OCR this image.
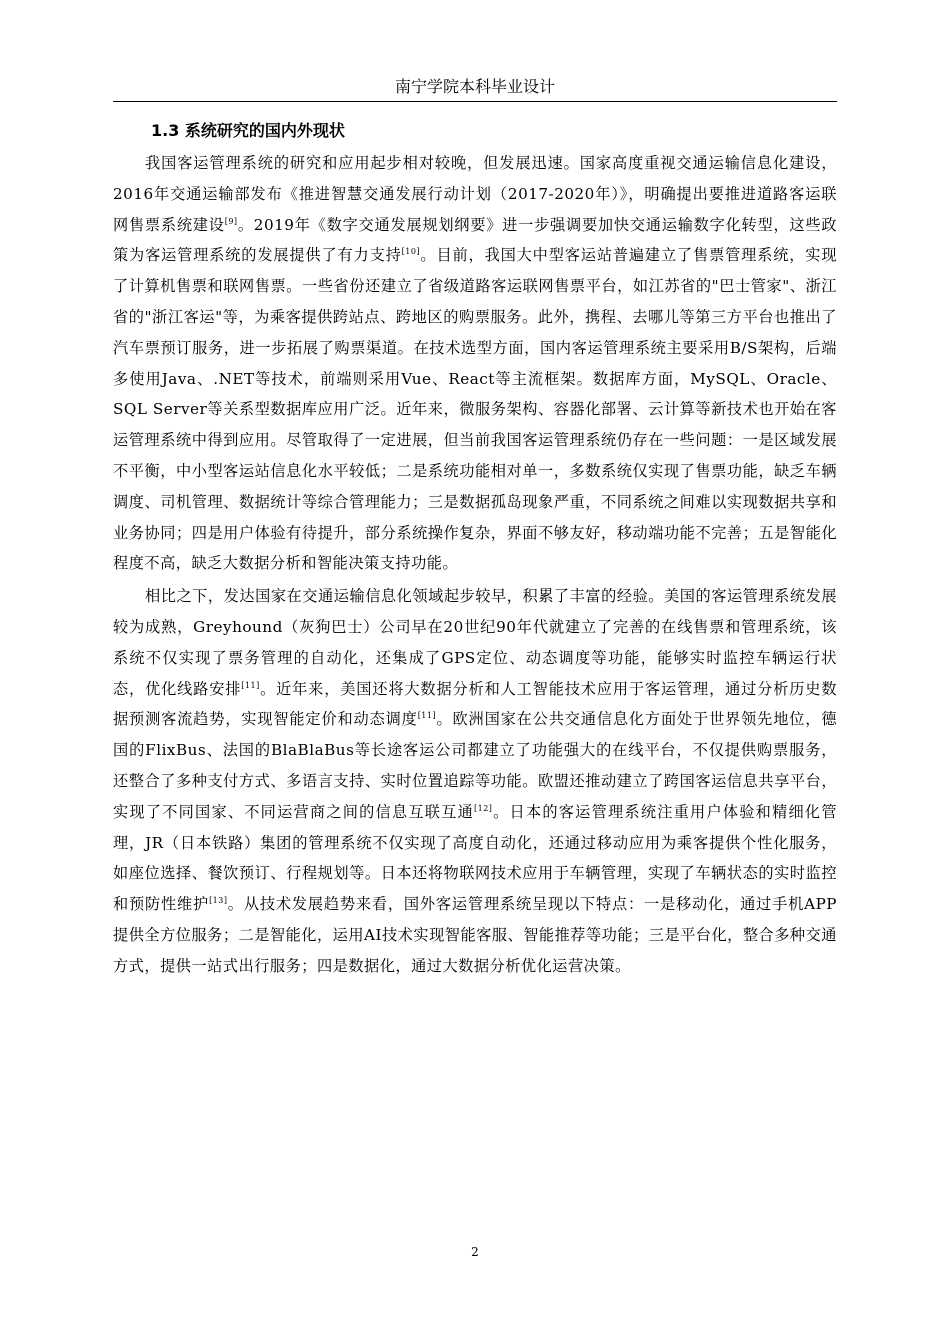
南宁学院本科毕业设计
1.3 系统研究的国内外现状

我国客运管理系统的研究和应用起步相对较晚，但发展迅速。国家高度重视交通运输信息化建设，2016年交通运输部发布《推进智慧交通发展行动计划（2017-2020年）》，明确提出要推进道路客运联网售票系统建设[9]。2019年《数字交通发展规划纲要》进一步强调要加快交通运输数字化转型，这些政策为客运管理系统的发展提供了有力支持[10]。目前，我国大中型客运站普遍建立了售票管理系统，实现了计算机售票和联网售票。一些省份还建立了省级道路客运联网售票平台，如江苏省的"巴士管家"、浙江省的"浙江客运"等，为乘客提供跨站点、跨地区的购票服务。此外，携程、去哪儿等第三方平台也推出了汽车票预订服务，进一步拓展了购票渠道。在技术选型方面，国内客运管理系统主要采用B/S架构，后端多使用Java、.NET等技术，前端则采用Vue、React等主流框架。数据库方面，MySQL、Oracle、SQL Server等关系型数据库应用广泛。近年来，微服务架构、容器化部署、云计算等新技术也开始在客运管理系统中得到应用。尽管取得了一定进展，但当前我国客运管理系统仍存在一些问题：一是区域发展不平衡，中小型客运站信息化水平较低；二是系统功能相对单一，多数系统仅实现了售票功能，缺乏车辆调度、司机管理、数据统计等综合管理能力；三是数据孤岛现象严重，不同系统之间难以实现数据共享和业务协同；四是用户体验有待提升，部分系统操作复杂，界面不够友好，移动端功能不完善；五是智能化程度不高，缺乏大数据分析和智能决策支持功能。

相比之下，发达国家在交通运输信息化领域起步较早，积累了丰富的经验。美国的客运管理系统发展较为成熟，Greyhound（灰狗巴士）公司早在20世纪90年代就建立了完善的在线售票和管理系统，该系统不仅实现了票务管理的自动化，还集成了GPS定位、动态调度等功能，能够实时监控车辆运行状态，优化线路安排[11]。近年来，美国还将大数据分析和人工智能技术应用于客运管理，通过分析历史数据预测客流趋势，实现智能定价和动态调度[11]。欧洲国家在公共交通信息化方面处于世界领先地位，德国的FlixBus、法国的BlaBlaBus等长途客运公司都建立了功能强大的在线平台，不仅提供购票服务，还整合了多种支付方式、多语言支持、实时位置追踪等功能。欧盟还推动建立了跨国客运信息共享平台，实现了不同国家、不同运营商之间的信息互联互通[12]。日本的客运管理系统注重用户体验和精细化管理，JR（日本铁路）集团的管理系统不仅实现了高度自动化，还通过移动应用为乘客提供个性化服务，如座位选择、餐饮预订、行程规划等。日本还将物联网技术应用于车辆管理，实现了车辆状态的实时监控和预防性维护[13]。从技术发展趋势来看，国外客运管理系统呈现以下特点：一是移动化，通过手机APP提供全方位服务；二是智能化，运用AI技术实现智能客服、智能推荐等功能；三是平台化，整合多种交通方式，提供一站式出行服务；四是数据化，通过大数据分析优化运营决策。

2
